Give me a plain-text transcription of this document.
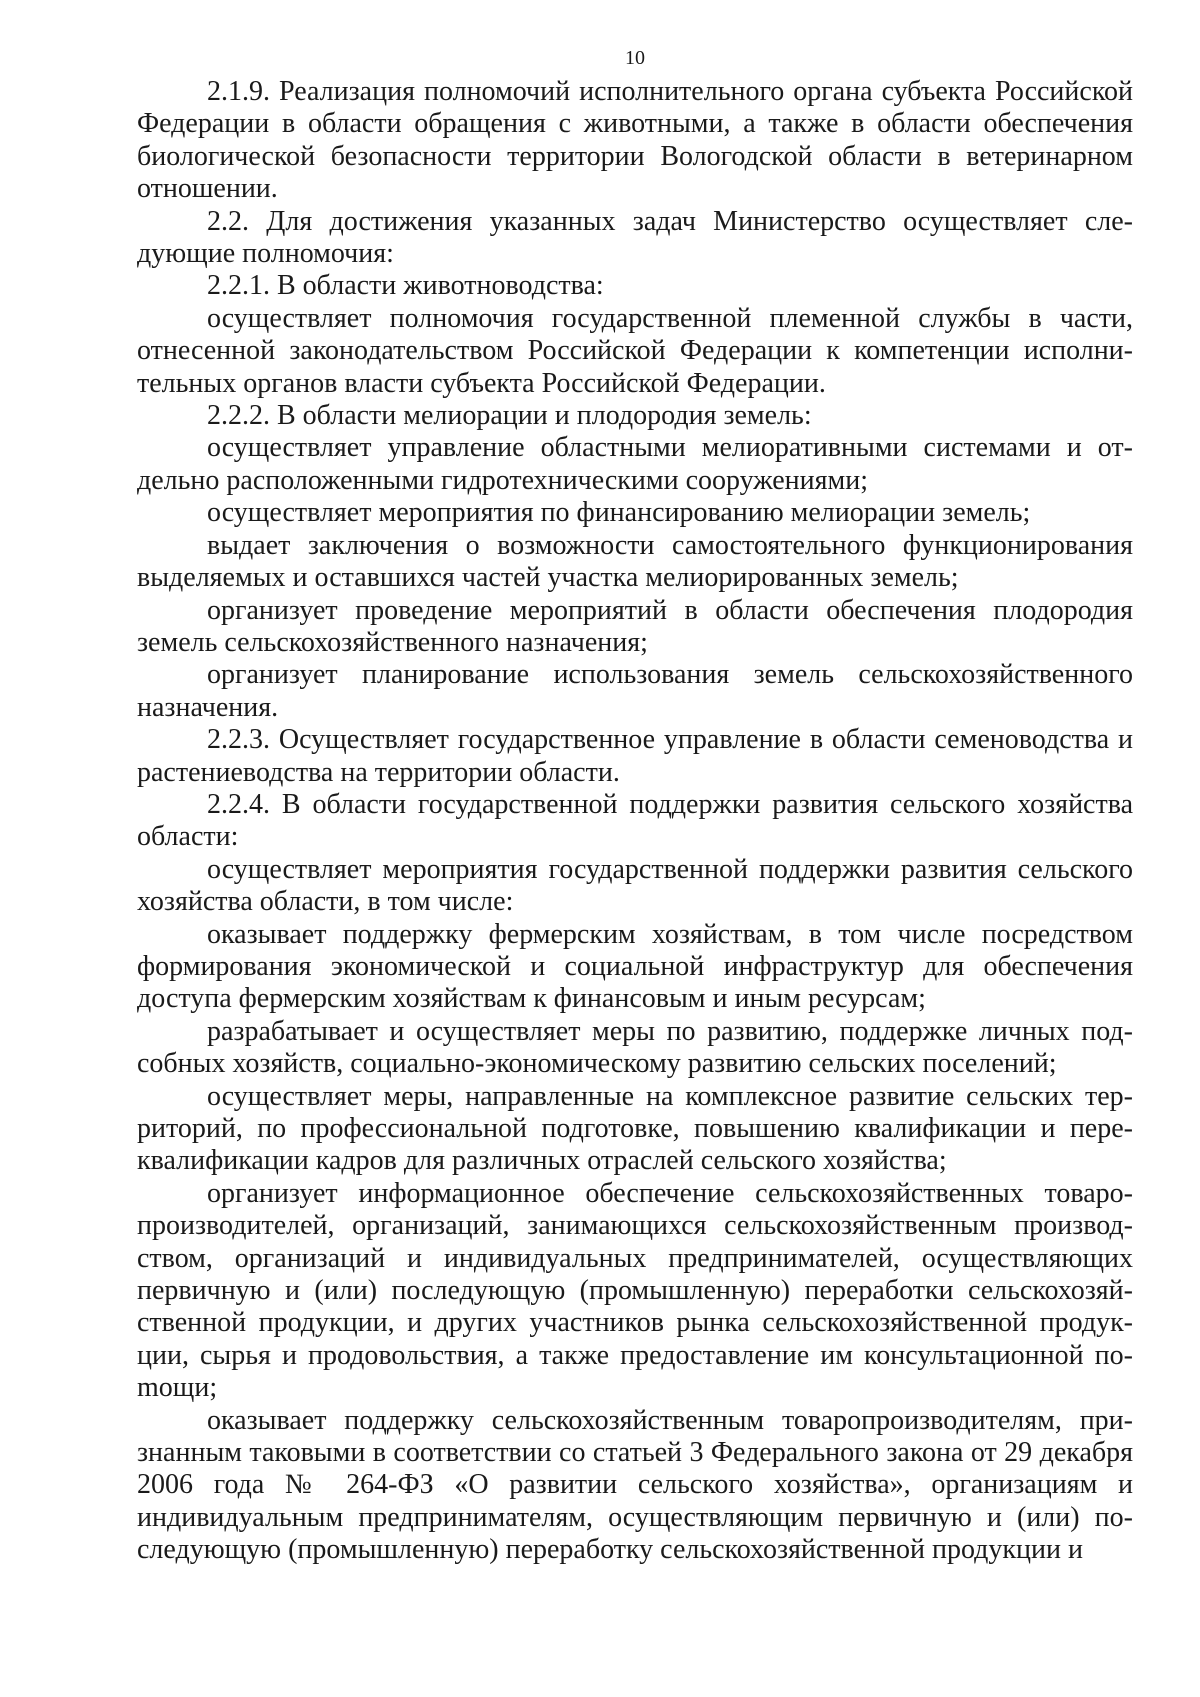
10

2.1.9. Реализация полномочий исполнительного органа субъекта Российской Федерации в области обращения с животными, а также в области обеспечения биологической безопасности территории Вологодской области в ветеринарном отношении.

2.2. Для достижения указанных задач Министерство осуществляет следующие полномочия:

2.2.1. В области животноводства:

осуществляет полномочия государственной племенной службы в части, отнесенной законодательством Российской Федерации к компетенции исполнительных органов власти субъекта Российской Федерации.

2.2.2. В области мелиорации и плодородия земель:

осуществляет управление областными мелиоративными системами и отдельно расположенными гидротехническими сооружениями;

осуществляет мероприятия по финансированию мелиорации земель;

выдает заключения о возможности самостоятельного функционирования выделяемых и оставшихся частей участка мелиорированных земель;

организует проведение мероприятий в области обеспечения плодородия земель сельскохозяйственного назначения;

организует планирование использования земель сельскохозяйственного назначения.

2.2.3. Осуществляет государственное управление в области семеноводства и растениеводства на территории области.

2.2.4. В области государственной поддержки развития сельского хозяйства области:

осуществляет мероприятия государственной поддержки развития сельского хозяйства области, в том числе:

оказывает поддержку фермерским хозяйствам, в том числе посредством формирования экономической и социальной инфраструктур для обеспечения доступа фермерским хозяйствам к финансовым и иным ресурсам;

разрабатывает и осуществляет меры по развитию, поддержке личных подсобных хозяйств, социально-экономическому развитию сельских поселений;

осуществляет меры, направленные на комплексное развитие сельских территорий, по профессиональной подготовке, повышению квалификации и переквалификации кадров для различных отраслей сельского хозяйства;

организует информационное обеспечение сельскохозяйственных товаропроизводителей, организаций, занимающихся сельскохозяйственным производством, организаций и индивидуальных предпринимателей, осуществляющих первичную и (или) последующую (промышленную) переработки сельскохозяйственной продукции, и других участников рынка сельскохозяйственной продукции, сырья и продовольствия, а также предоставление им консультационной поmощи;

оказывает поддержку сельскохозяйственным товаропроизводителям, признанным таковыми в соответствии со статьей 3 Федерального закона от 29 декабря 2006 года № 264-ФЗ «О развитии сельского хозяйства», организациям и индивидуальным предпринимателям, осуществляющим первичную и (или) последующую (промышленную) переработку сельскохозяйственной продукции и
